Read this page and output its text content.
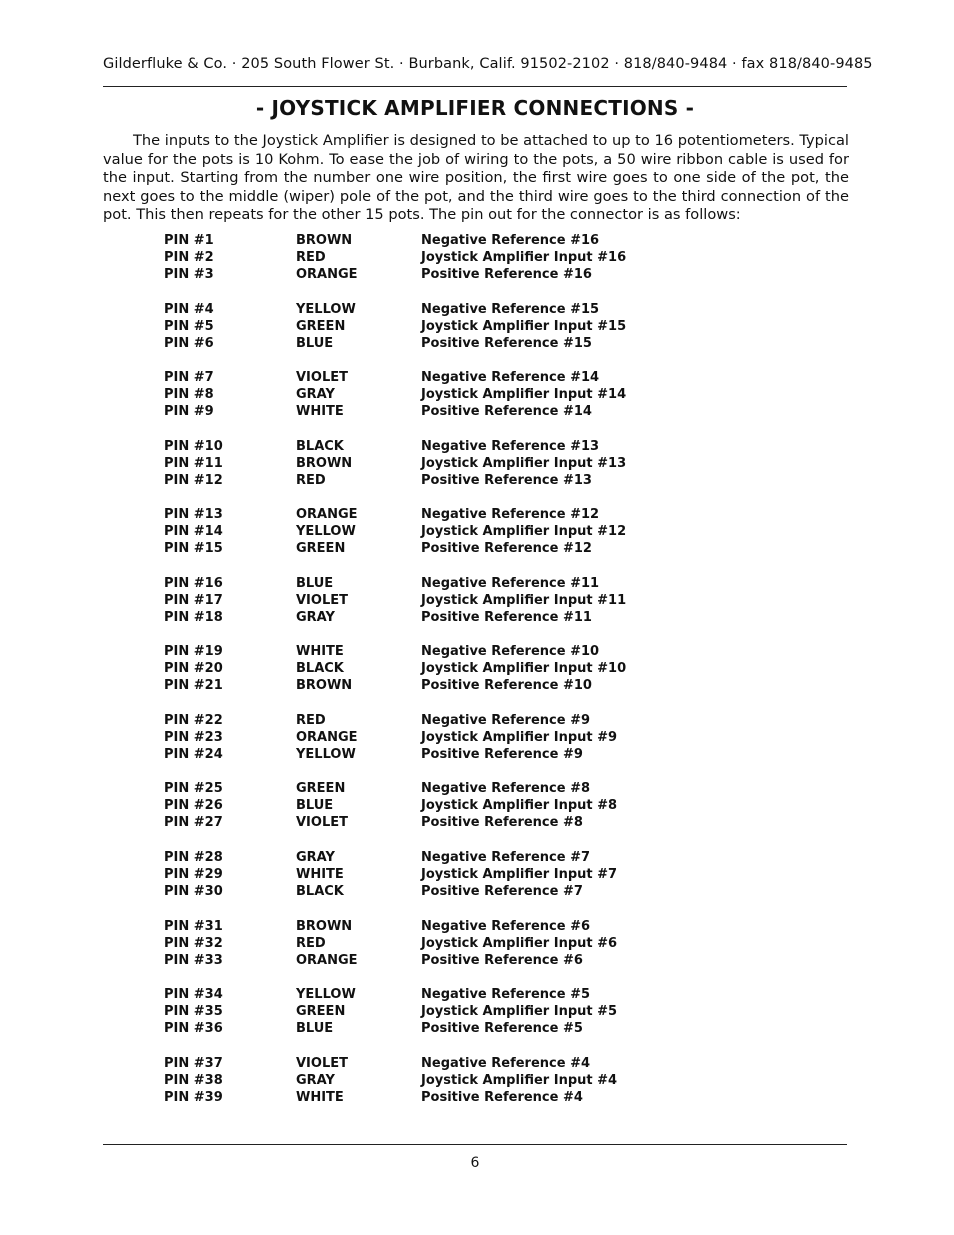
Gilderfluke & Co. · 205 South Flower St. · Burbank, Calif. 91502-2102 · 818/840-9484 · fax 818/840-9485
- JOYSTICK AMPLIFIER CONNECTIONS -

The inputs to the Joystick Amplifier is designed to be attached to up to 16 potentiometers. Typical value for the pots is 10 Kohm. To ease the job of wiring to the pots, a 50 wire ribbon cable is used for the input. Starting from the number one wire position, the first wire goes to one side of the pot, the next goes to the middle (wiper) pole of the pot, and the third wire goes to the third connection of the pot. This then repeats for the other 15 pots. The pin out for the connector is as follows:

PIN #1	BROWN	Negative Reference #16
PIN #2	RED	Joystick Amplifier Input #16
PIN #3	ORANGE	Positive Reference #16
PIN #4	YELLOW	Negative Reference #15
PIN #5	GREEN	Joystick Amplifier Input #15
PIN #6	BLUE	Positive Reference #15
PIN #7	VIOLET	Negative Reference #14
PIN #8	GRAY	Joystick Amplifier Input #14
PIN #9	WHITE	Positive Reference #14
PIN #10	BLACK	Negative Reference #13
PIN #11	BROWN	Joystick Amplifier Input #13
PIN #12	RED	Positive Reference #13
PIN #13	ORANGE	Negative Reference #12
PIN #14	YELLOW	Joystick Amplifier Input #12
PIN #15	GREEN	Positive Reference #12
PIN #16	BLUE	Negative Reference #11
PIN #17	VIOLET	Joystick Amplifier Input #11
PIN #18	GRAY	Positive Reference #11
PIN #19	WHITE	Negative Reference #10
PIN #20	BLACK	Joystick Amplifier Input #10
PIN #21	BROWN	Positive Reference #10
PIN #22	RED	Negative Reference #9
PIN #23	ORANGE	Joystick Amplifier Input #9
PIN #24	YELLOW	Positive Reference #9
PIN #25	GREEN	Negative Reference #8
PIN #26	BLUE	Joystick Amplifier Input #8
PIN #27	VIOLET	Positive Reference #8
PIN #28	GRAY	Negative Reference #7
PIN #29	WHITE	Joystick Amplifier Input #7
PIN #30	BLACK	Positive Reference #7
PIN #31	BROWN	Negative Reference #6
PIN #32	RED	Joystick Amplifier Input #6
PIN #33	ORANGE	Positive Reference #6
PIN #34	YELLOW	Negative Reference #5
PIN #35	GREEN	Joystick Amplifier Input #5
PIN #36	BLUE	Positive Reference #5
PIN #37	VIOLET	Negative Reference #4
PIN #38	GRAY	Joystick Amplifier Input #4
PIN #39	WHITE	Positive Reference #4
6
